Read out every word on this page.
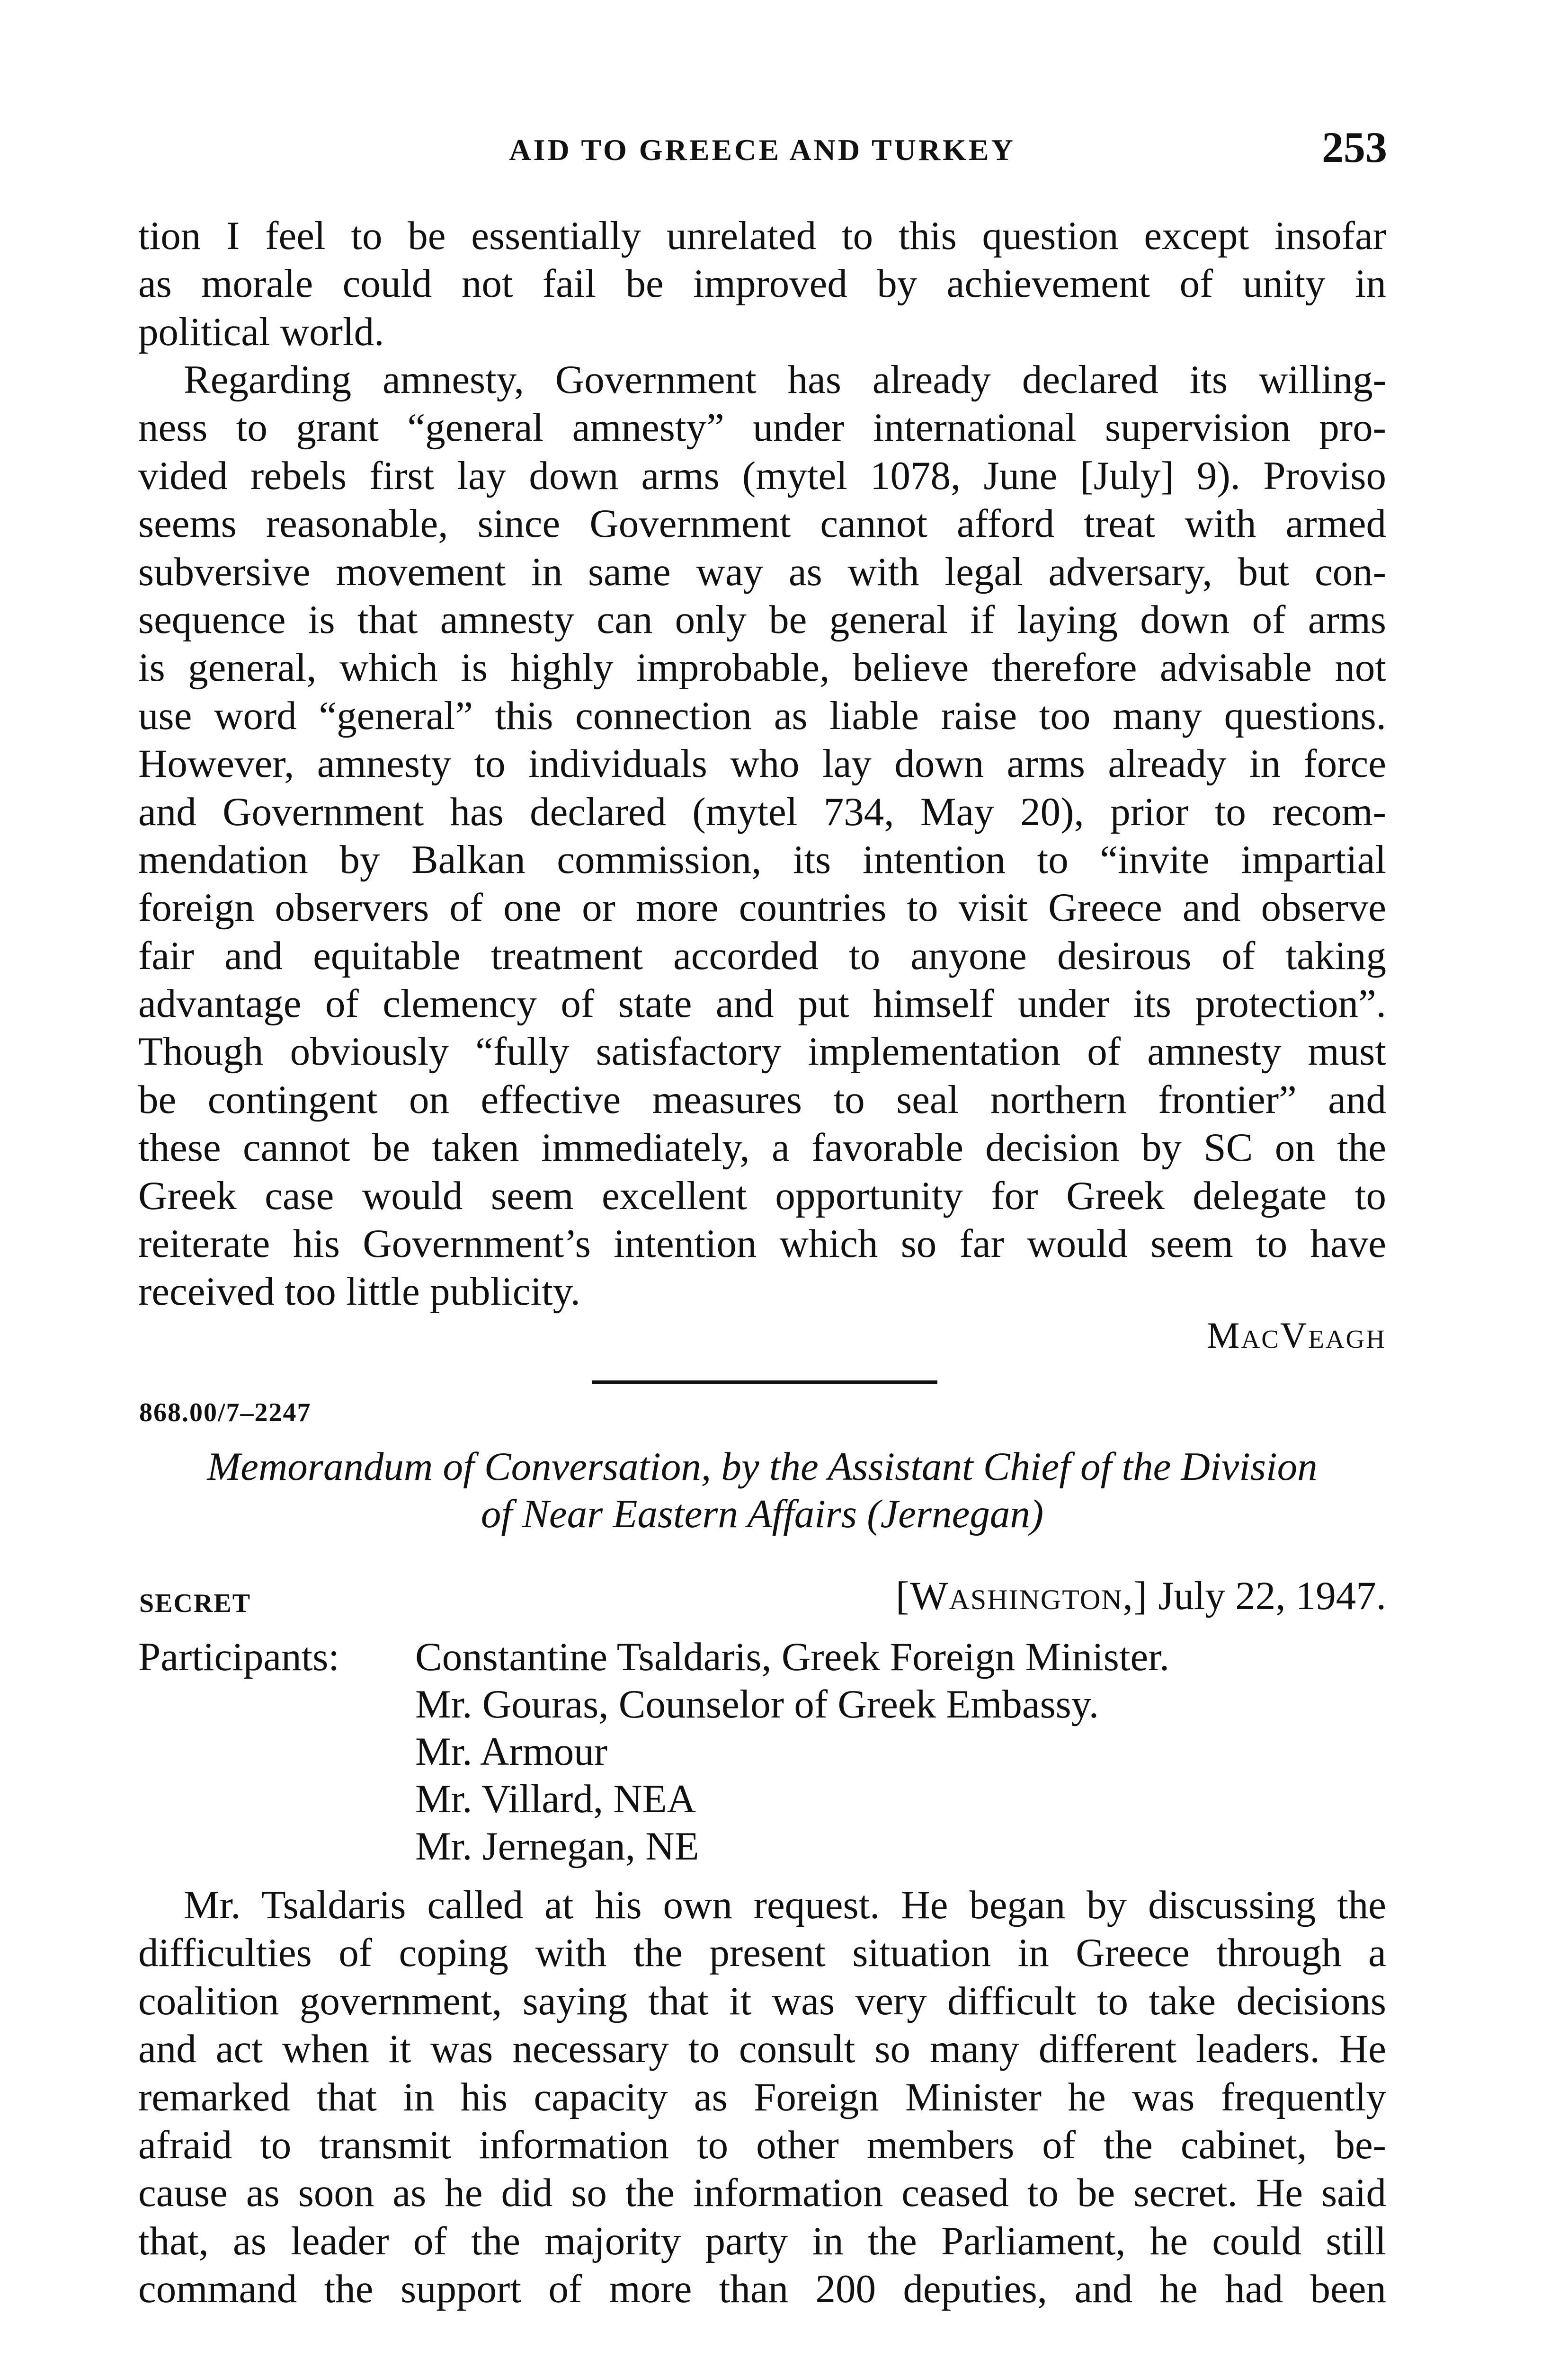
AID TO GREECE AND TURKEY	253
tion I feel to be essentially unrelated to this question except insofar
as morale could not fail be improved by achievement of unity in
political world.
Regarding amnesty, Government has already declared its willing-
ness to grant “general amnesty” under international supervision pro-
vided rebels first lay down arms (mytel 1078, June [July] 9). Proviso
seems reasonable, since Government cannot afford treat with armed
subversive movement in same way as with legal adversary, but con-
sequence is that amnesty can only be general if laying down of arms
is general, which is highly improbable, believe therefore advisable not
use word “general” this connection as liable raise too many questions.
However, amnesty to individuals who lay down arms already in force
and Government has declared (mytel 734, May 20), prior to recom-
mendation by Balkan commission, its intention to “invite impartial
foreign observers of one or more countries to visit Greece and observe
fair and equitable treatment accorded to anyone desirous of taking
advantage of clemency of state and put himself under its protection”.
Though obviously “fully satisfactory implementation of amnesty must
be contingent on effective measures to seal northern frontier” and
these cannot be taken immediately, a favorable decision by SC on the
Greek case would seem excellent opportunity for Greek delegate to
reiterate his Government’s intention which so far would seem to have
received too little publicity.
MacVeagh
868.00/7–2247
Memorandum of Conversation, by the Assistant Chief of the Division
of Near Eastern Affairs (Jernegan)
SECRET	[Washington,] July 22, 1947.
Participants: Constantine Tsaldaris, Greek Foreign Minister.
Mr. Gouras, Counselor of Greek Embassy.
Mr. Armour
Mr. Villard, NEA
Mr. Jernegan, NE
Mr. Tsaldaris called at his own request. He began by discussing the
difficulties of coping with the present situation in Greece through a
coalition government, saying that it was very difficult to take decisions
and act when it was necessary to consult so many different leaders. He
remarked that in his capacity as Foreign Minister he was frequently
afraid to transmit information to other members of the cabinet, be-
cause as soon as he did so the information ceased to be secret. He said
that, as leader of the majority party in the Parliament, he could still
command the support of more than 200 deputies, and he had been
